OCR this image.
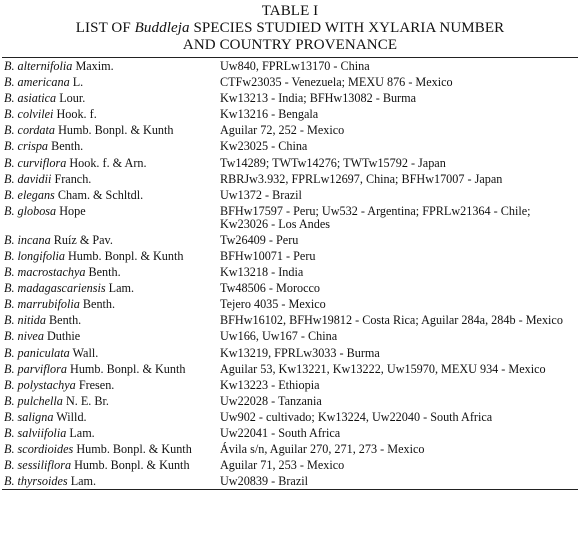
TABLE I
LIST OF Buddleja SPECIES STUDIED WITH XYLARIA NUMBER
AND COUNTRY PROVENANCE
B. alternifolia Maxim.	Uw840, FPRLw13170 - China
B. americana L.	CTFw23035 - Venezuela; MEXU 876 - Mexico
B. asiatica Lour.	Kw13213 - India; BFHw13082 - Burma
B. colvilei Hook. f.	Kw13216 - Bengala
B. cordata Humb. Bonpl. & Kunth	Aguilar 72, 252 - Mexico
B. crispa Benth.	Kw23025 - China
B. curviflora Hook. f. & Arn.	Tw14289; TWTw14276; TWTw15792 - Japan
B. davidii Franch.	RBRJw3.932, FPRLw12697, China; BFHw17007 - Japan
B. elegans Cham. & Schltdl.	Uw1372 - Brazil
B. globosa Hope	BFHw17597 - Peru; Uw532 - Argentina; FPRLw21364 - Chile; Kw23026 - Los Andes
B. incana Ruíz & Pav.	Tw26409 - Peru
B. longifolia Humb. Bonpl. & Kunth	BFHw10071 - Peru
B. macrostachya Benth.	Kw13218 - India
B. madagascariensis Lam.	Tw48506 - Morocco
B. marrubifolia Benth.	Tejero 4035 - Mexico
B. nitida Benth.	BFHw16102, BFHw19812 - Costa Rica; Aguilar 284a, 284b - Mexico
B. nivea Duthie	Uw166, Uw167 - China
B. paniculata Wall.	Kw13219, FPRLw3033 - Burma
B. parviflora Humb. Bonpl. & Kunth	Aguilar 53, Kw13221, Kw13222, Uw15970, MEXU 934 - Mexico
B. polystachya Fresen.	Kw13223 - Ethiopia
B. pulchella N. E. Br.	Uw22028 - Tanzania
B. saligna Willd.	Uw902 - cultivado; Kw13224, Uw22040 - South Africa
B. salviifolia Lam.	Uw22041 - South Africa
B. scordioides Humb. Bonpl. & Kunth	Ávila s/n, Aguilar 270, 271, 273 - Mexico
B. sessiliflora Humb. Bonpl. & Kunth	Aguilar 71, 253 - Mexico
B. thyrsoides Lam.	Uw20839 - Brazil
